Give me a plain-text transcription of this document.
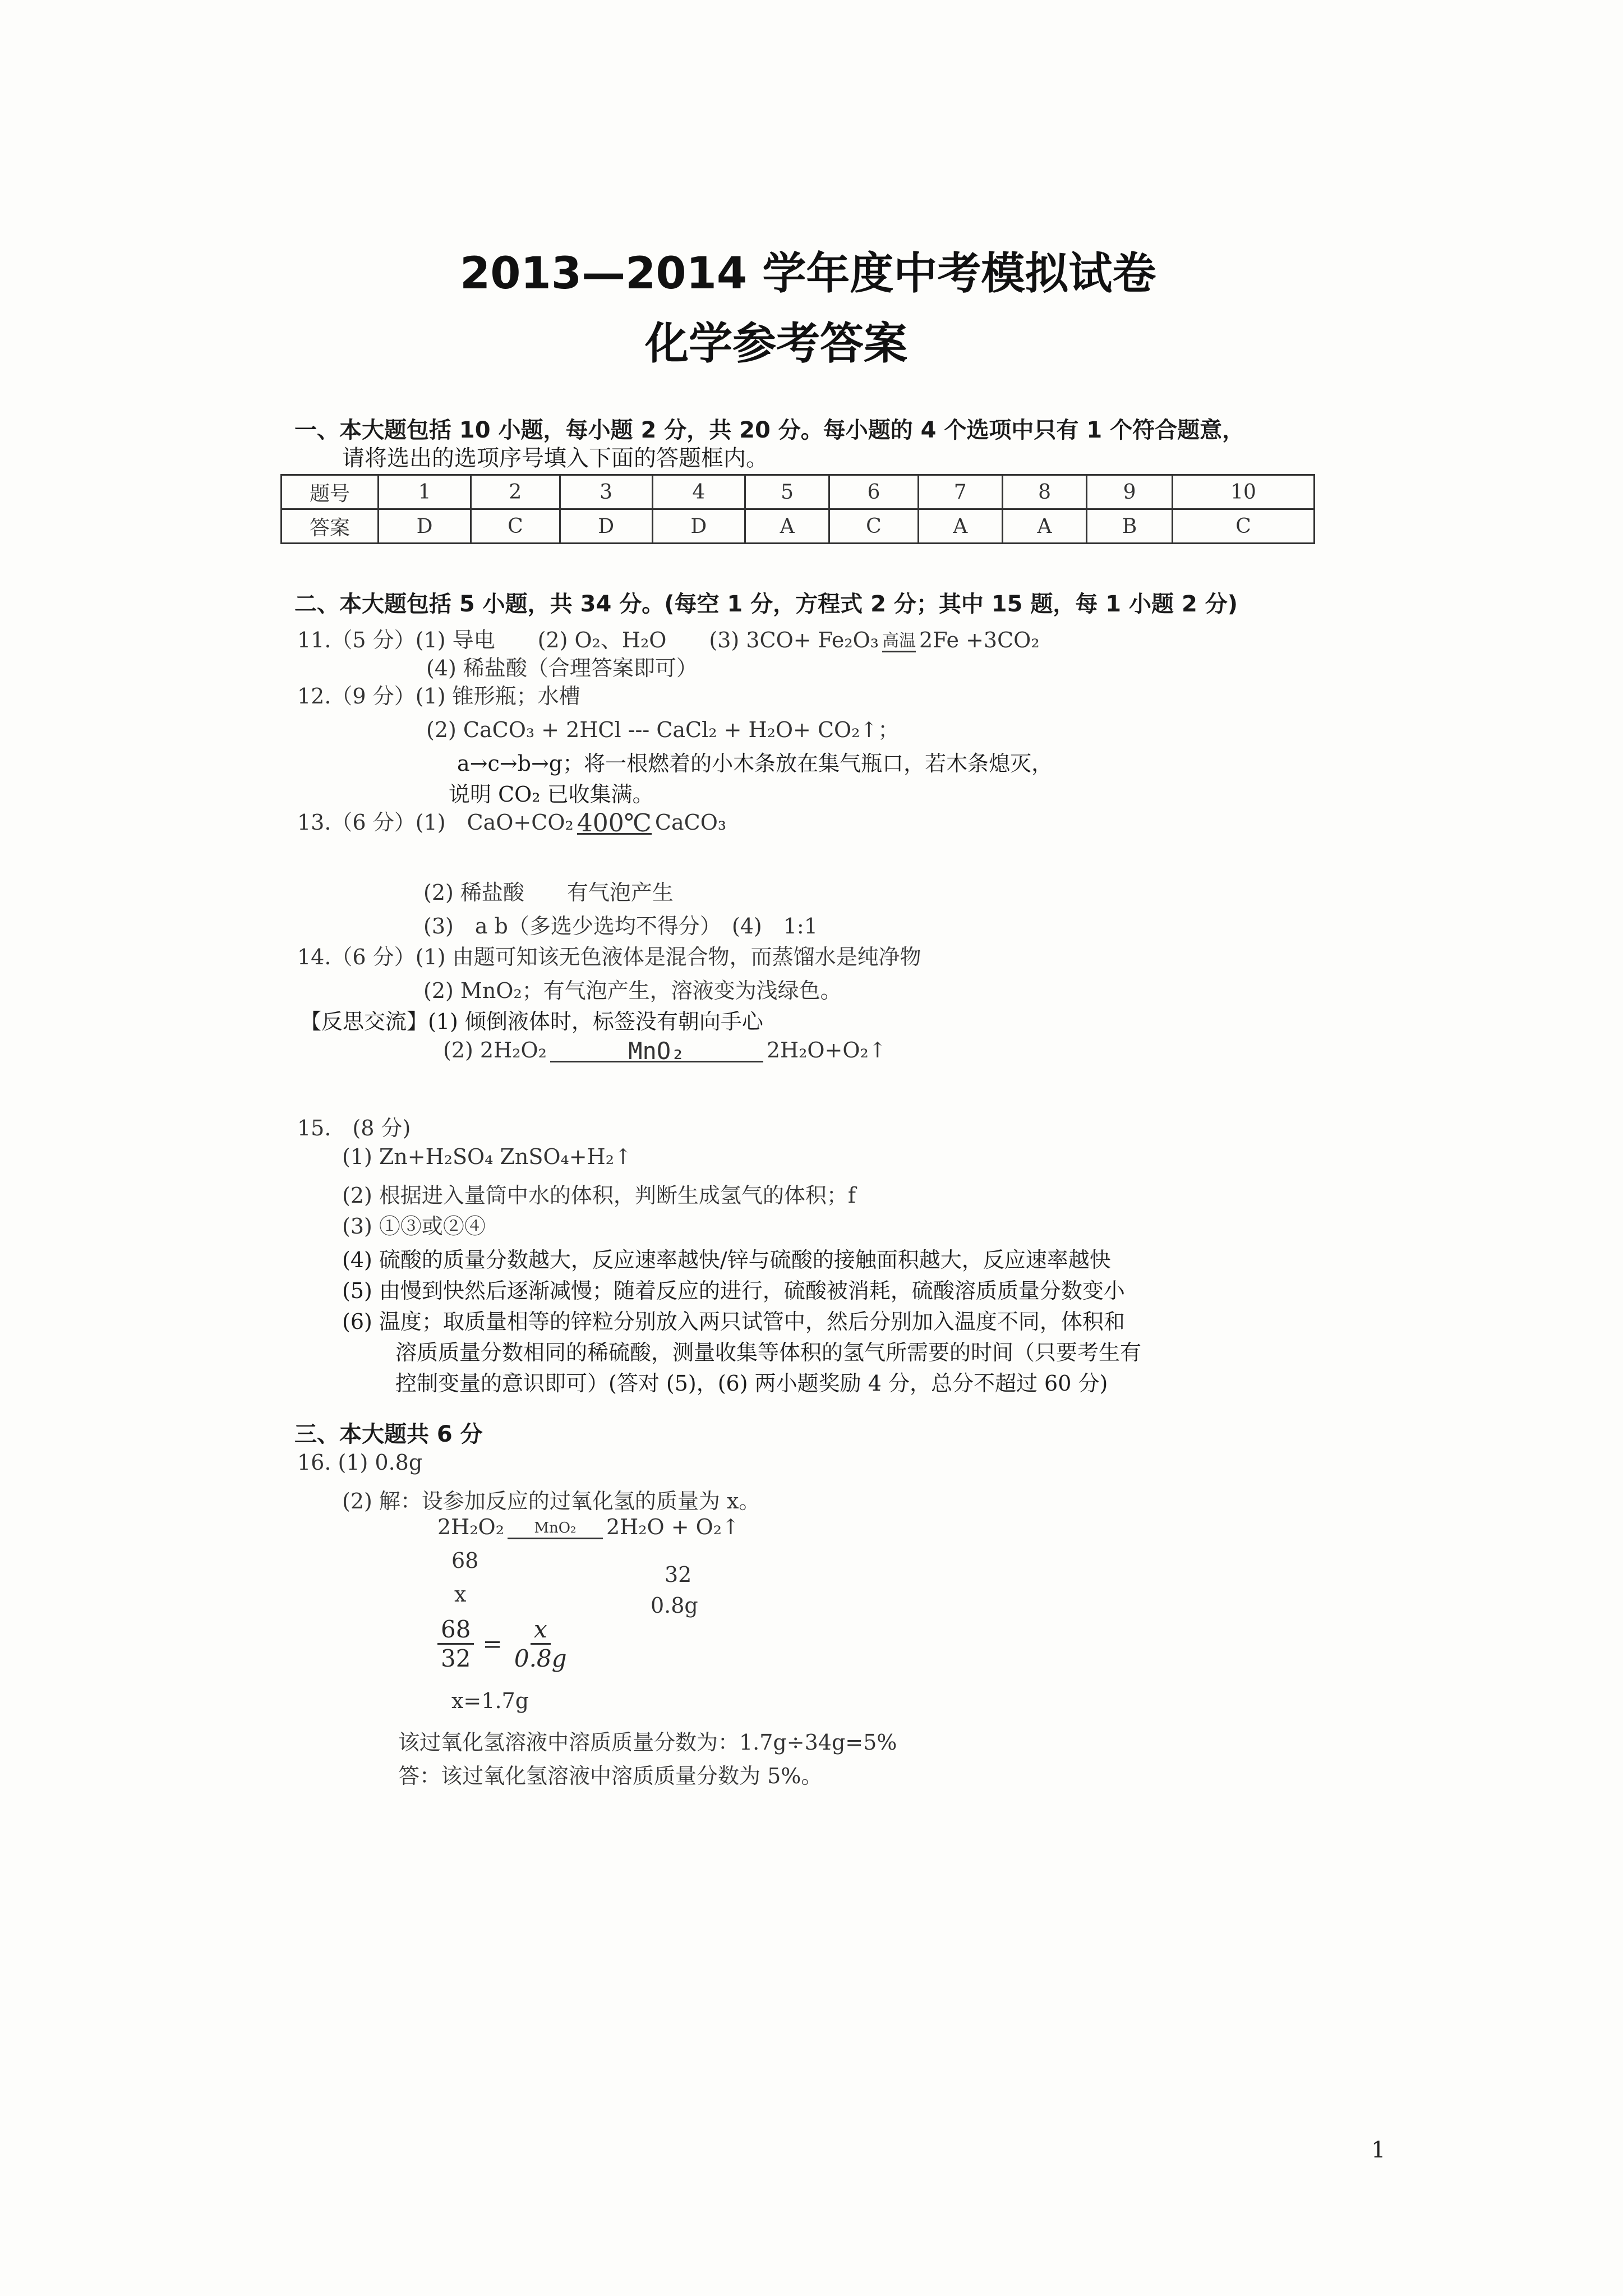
2013—2014 学年度中考模拟试卷
化学参考答案
一、本大题包括 10 小题，每小题 2 分，共 20 分。每小题的 4 个选项中只有 1 个符合题意，
请将选出的选项序号填入下面的答题框内。
题号	1	2	3	4	5	6	7	8	9	10
答案	D	C	D	D	A	C	A	A	B	C
二、本大题包括 5 小题，共 34 分。(每空 1 分，方程式 2 分；其中 15 题，每 1 小题 2 分)
11.（5 分）(1) 导电　　(2) O₂、H₂O　　(3) 3CO+ Fe₂O₃ 高温 2Fe +3CO₂
(4) 稀盐酸（合理答案即可）
12.（9 分）(1) 锥形瓶；水槽
(2) CaCO₃ + 2HCl --- CaCl₂ + H₂O+ CO₂↑；
a→c→b→g；将一根燃着的小木条放在集气瓶口，若木条熄灭，
说明 CO₂ 已收集满。
13.（6 分）(1)　CaO+CO₂ 400℃ CaCO₃
(2) 稀盐酸　　有气泡产生
(3)　a b（多选少选均不得分）　(4)　1:1
14.（6 分）(1) 由题可知该无色液体是混合物，而蒸馏水是纯净物
(2) MnO₂；有气泡产生，溶液变为浅绿色。
【反思交流】(1) 倾倒液体时，标签没有朝向手心
(2) 2H₂O₂	MnO₂	2H₂O+O₂↑
15.　(8 分)
(1) Zn+H₂SO₄ ZnSO₄+H₂↑
(2) 根据进入量筒中水的体积，判断生成氢气的体积；f
(3) ①③或②④
(4) 硫酸的质量分数越大，反应速率越快/锌与硫酸的接触面积越大，反应速率越快
(5) 由慢到快然后逐渐减慢；随着反应的进行，硫酸被消耗，硫酸溶质质量分数变小
(6) 温度；取质量相等的锌粒分别放入两只试管中，然后分别加入温度不同，体积和
溶质质量分数相同的稀硫酸，测量收集等体积的氢气所需要的时间（只要考生有
控制变量的意识即可）(答对 (5)，(6) 两小题奖励 4 分，总分不超过 60 分)
三、本大题共 6 分
16. (1) 0.8g
(2) 解：设参加反应的过氧化氢的质量为 x。
2H₂O₂ MnO₂ 2H₂O + O₂↑
68
32
x	0.8g
$\frac{68}{32} = \frac{x}{0.8g}$
x=1.7g
该过氧化氢溶液中溶质质量分数为：1.7g÷34g=5%
答：该过氧化氢溶液中溶质质量分数为 5%。
1
